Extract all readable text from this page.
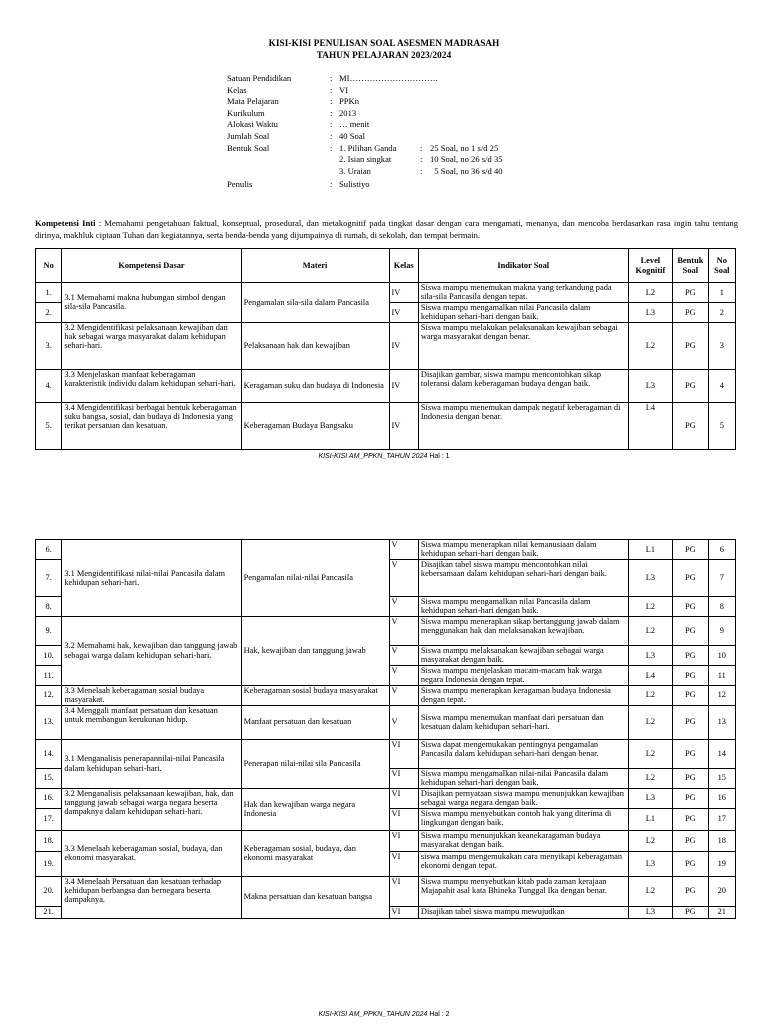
KISI-KISI PENULISAN SOAL ASESMEN MADRASAH
TAHUN PELAJARAN 2023/2024
Satuan Pendidikan	: MI………………………….
Kelas	: VI
Mata Pelajaran	: PPKn
Kurikulum	: 2013
Alokasi Waktu	: … menit
Jumlah Soal	: 40 Soal
Bentuk Soal	: 1. Pilihan Ganda	: 25 Soal, no 1 s/d 25
2. Isian singkat	: 10 Soal, no 26 s/d 35
3. Uraian	: 5 Soal, no 36 s/d 40
Penulis	: Sulistiyo
Kompetensi Inti : Memahami pengetahuan faktual, konseptual, prosedural, dan metakognitif pada tingkat dasar dengan cara mengamati, menanya, dan mencoba berdasarkan rasa ingin tahu tentang dirinya, makhluk ciptaan Tuhan dan kegiatannya, serta benda-benda yang dijumpainya di rumah, di sekolah, dan tempat bermain.
No	Kompetensi Dasar	Materi	Kelas	Indikator Soal	Level Kognitif	Bentuk Soal	No Soal
1.	3.1 Memahami makna hubungan simbol dengan sila-sila Pancasila.	Pengamalan sila-sila dalam Pancasila	IV	Siswa mampu menemukan makna yang terkandung pada sila-sila Pancasila dengan tepat.	L2	PG	1
2.			IV	Siswa mampu mengamalkan nilai Pancasila dalam kehidupan sehari-hari dengan baik.	L3	PG	2
3.	3.2 Mengidentifikasi pelaksanaan kewajiban dan hak sebagai warga masyarakat dalam kehidupan sehari-hari.	Pelaksanaan hak dan kewajiban	IV	Siswa mampu melakukan pelaksanakan kewajiban sebagai warga masyarakat dengan benar.	L2	PG	3
4.	3.3 Menjelaskan manfaat keberagaman karakteristik individu dalam kehidupan sehari-hari.	Keragaman suku dan budaya di Indonesia	IV	Disajikan gambar, siswa mampu mencontohkan sikap toleransi dalam keberagaman budaya dengan baik.	L3	PG	4
5.	3.4 Mengidentifikasi berbagai bentuk keberagaman suku bangsa, sosial, dan budaya di Indonesia yang terikat persatuan dan kesatuan.	Keberagaman Budaya Bangsaku	IV	Siswa mampu menemukan dampak negatif keberagaman di Indonesia dengan benar.	L4	PG	5
KISI-KISI AM_PPKN_TAHUN 2024 Hal : 1
6.	3.1 Mengidentifikasi nilai-nilai Pancasila dalam kehidupan sehari-hari.	Pengamalan nilai-nilai Pancasila	V	Siswa mampu menerapkan nilai kemanusiaan dalam kehidupan sehari-hari dengan baik.	L1	PG	6
7.			V	Disajikan tabel siswa mampu mencontohkan nilai kebersamaan dalam kehidupan sehari-hari dengan baik.	L3	PG	7
8.			V	Siswa mampu mengamalkan nilai Pancasila dalam kehidupan sehari-hari dengan baik.	L2	PG	8
9.	3.2 Memahami hak, kewajiban dan tanggung jawab sebagai warga dalam kehidupan sehari-hari.	Hak, kewajiban dan tanggung jawab	V	Siswa mampu menerapkan sikap bertanggung jawab dalam menggunakan hak dan melaksanakan kewajiban.	L2	PG	9
10.			V	Siswa mampu melaksanakan kewajiban sebagai warga masyarakat dengan baik.	L3	PG	10
11.			V	Siswa mampu menjelaskan macam-macam hak warga negara Indonesia dengan tepat.	L4	PG	11
12.	3.3 Menelaah keberagaman sosial budaya masyarakat.	Keberagaman sosial budaya masyarakat	V	Siswa mampu menerapkan keragaman budaya Indonesia dengan tepat.	L2	PG	12
13.	3.4 Menggali manfaat persatuan dan kesatuan untuk membangun kerukunan hidup.	Manfaat persatuan dan kesatuan	V	Siswa mampu menemukan manfaat dari persatuan dan kesatuan dalam kehidupan sehari-hari.	L2	PG	13
14.	3.1 Menganalisis penerapannilai-nilai Pancasila dalam kehidupan sehari-hari.	Penerapan nilai-nilai sila Pancasila	VI	Siswa dapat mengemukakan pentingnya pengamalan Pancasila dalam kehidupan sehari-hari dengan benar.	L2	PG	14
15.			VI	Siswa mampu mengamalkan nilai-nilai Pancasila dalam kehidupan sehari-hari dengan baik.	L2	PG	15
16.	3.2 Menganalisis pelaksanaan kewajiban, hak, dan tanggung jawab sebagai warga negara beserta dampaknya dalam kehidupan sehari-hari.	Hak dan kewajiban warga negara Indonesia	VI	Disajikan pernyataan siswa mampu menunjukkan kewajiban sebagai warga negara dengan baik.	L3	PG	16
17.			VI	Siswa mampu menyebutkan contoh hak yang diterima di lingkungan dengan baik.	L1	PG	17
18.	3.3 Menelaah keberagaman sosial, budaya, dan ekonomi masyarakat.	Keberagaman sosial, budaya, dan ekonomi masyarakat	VI	Siswa mampu menunjukkan keanekaragaman budaya masyarakat dengan baik.	L2	PG	18
19.			VI	siswa mampu mengemukakan cara menyikapi keberagaman ekonomi dengan tepat.	L3	PG	19
20.	3.4 Menelaah Persatuan dan kesatuan terhadap kehidupan berbangsa dan bernegara beserta dampaknya.	Makna persatuan dan kesatuan bangsa	VI	Siswa mampu menyebutkan kitab pada zaman kerajaan Majapahit asal kata Bhineka Tunggal Ika dengan benar.	L2	PG	20
21.			VI	Disajikan tabel siswa mampu mewujudkan	L3	PG	21
KISI-KISI AM_PPKN_TAHUN 2024 Hal : 2
